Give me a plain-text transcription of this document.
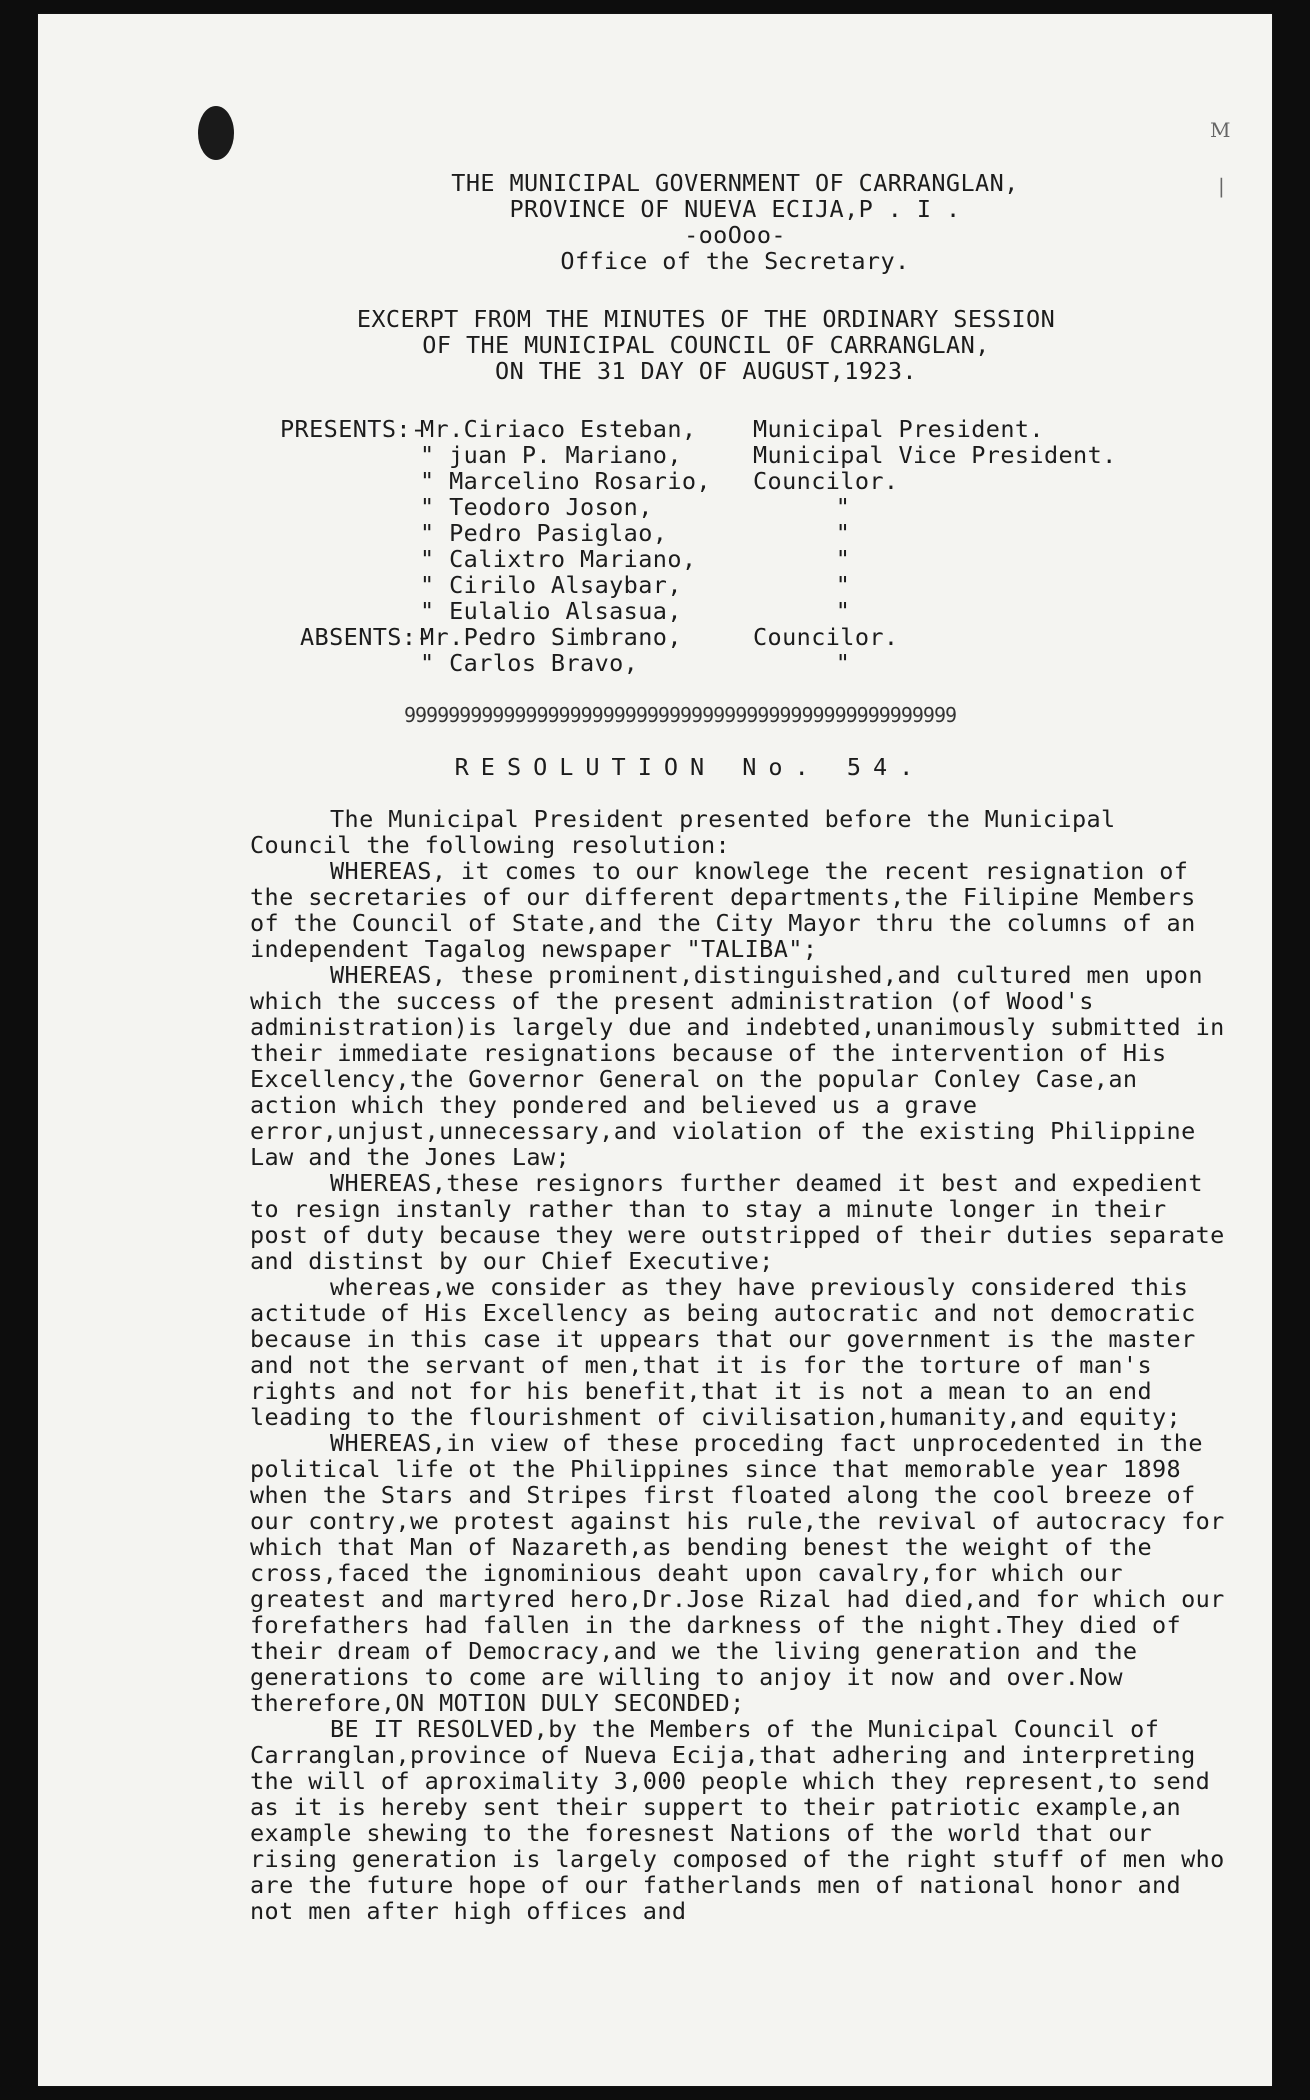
M
|
THE MUNICIPAL GOVERNMENT OF CARRANGLAN,
PROVINCE OF NUEVA ECIJA,P . I .
-ooOoo-
Office of the Secretary.
EXCERPT FROM THE MINUTES OF THE ORDINARY SESSION
OF THE MUNICIPAL COUNCIL OF CARRANGLAN,
ON THE 31 DAY OF AUGUST,1923.
PRESENTS:-
Mr.Ciriaco Esteban,	Municipal President.
" juan P. Mariano,	Municipal Vice President.
" Marcelino Rosario,	Councilor.
" Teodoro Joson,	"
" Pedro Pasiglao,	"
" Calixtro Mariano,	"
" Cirilo Alsaybar,	"
" Eulalio Alsasua,	"
ABSENTS:-
Mr.Pedro Simbrano,	Councilor.
" Carlos Bravo,	"
99999999999999999999999999999999999999999999999999
RESOLUTION No. 54.

The Municipal President presented before the Municipal Council the following resolution:

WHEREAS, it comes to our knowlege the recent resignation of the secretaries of our different departments,the Filipine Members of the Council of State,and the City Mayor thru the columns of an independent Tagalog newspaper "TALIBA";

WHEREAS, these prominent,distinguished,and cultured men upon which the success of the present administration (of Wood's administration)is largely due and indebted,unanimously submitted in their immediate resignations because of the intervention of His Excellency,the Governor General on the popular Conley Case,an action which they pondered and believed us a grave error,unjust,unnecessary,and violation of the existing Philippine Law and the Jones Law;

WHEREAS,these resignors further deamed it best and expedient to resign instanly rather than to stay a minute longer in their post of duty because they were outstripped of their duties separate and distinst by our Chief Executive;

whereas,we consider as they have previously considered this actitude of His Excellency as being autocratic and not democratic because in this case it uppears that our government is the master and not the servant of men,that it is for the torture of man's rights and not for his benefit,that it is not a mean to an end leading to the flourishment of civilisation,humanity,and equity;

WHEREAS,in view of these proceding fact unprocedented in the political life ot the Philippines since that memorable year 1898 when the Stars and Stripes first floated along the cool breeze of our contry,we protest against his rule,the revival of autocracy for which that Man of Nazareth,as bending benest the weight of the cross,faced the ignominious deaht upon cavalry,for which our greatest and martyred hero,Dr.Jose Rizal had died,and for which our forefathers had fallen in the darkness of the night.They died of their dream of Democracy,and we the living generation and the generations to come are willing to anjoy it now and over.Now therefore,ON MOTION DULY SECONDED;

BE IT RESOLVED,by the Members of the Municipal Council of Carranglan,province of Nueva Ecija,that adhering and interpreting the will of aproximality 3,000 people which they represent,to send as it is hereby sent their suppert to their patriotic example,an example shewing to the foresnest Nations of the world that our rising generation is largely composed of the right stuff of men who are the future hope of our fatherlands men of national honor and not men after high offices and
